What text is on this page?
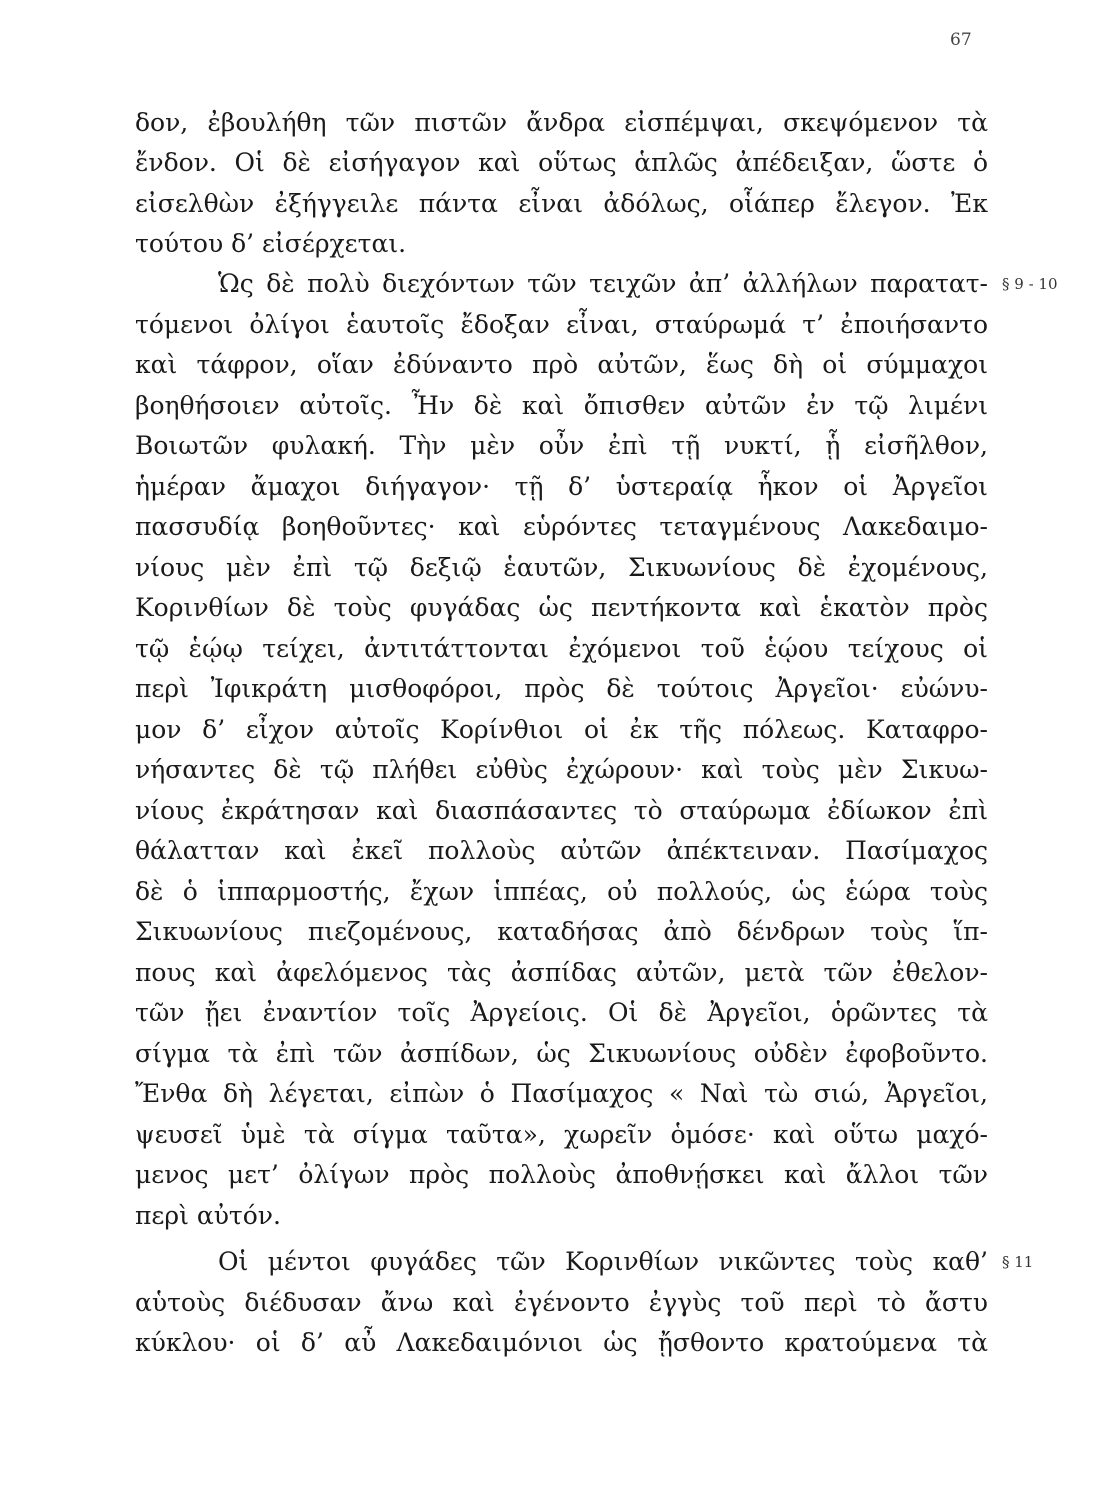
67
δον, ἐβουλήθη τῶν πιστῶν ἄνδρα εἰσπέμψαι, σκεψόμενον τὰ
ἔνδον. Οἱ δὲ εἰσήγαγον καὶ οὕτως ἁπλῶς ἀπέδειξαν, ὥστε ὁ
εἰσελθὼν ἐξήγγειλε πάντα εἶναι ἀδόλως, οἷάπερ ἔλεγον. Ἐκ
τούτου δ’ εἰσέρχεται.
Ὡς δὲ πολὺ διεχόντων τῶν τειχῶν ἀπ’ ἀλλήλων παρατατ-
τόμενοι ὀλίγοι ἑαυτοῖς ἔδοξαν εἶναι, σταύρωμά τ’ ἐποιήσαντο
καὶ τάφρον, οἵαν ἐδύναντο πρὸ αὐτῶν, ἕως δὴ οἱ σύμμαχοι
βοηθήσοιεν αὐτοῖς. Ἦν δὲ καὶ ὄπισθεν αὐτῶν ἐν τῷ λιμένι
Βοιωτῶν φυλακή. Τὴν μὲν οὖν ἐπὶ τῇ νυκτί, ᾗ εἰσῆλθον,
ἡμέραν ἄμαχοι διήγαγον· τῇ δ’ ὑστεραίᾳ ἧκον οἱ Ἀργεῖοι
πασσυδίᾳ βοηθοῦντες· καὶ εὑρόντες τεταγμένους Λακεδαιμο-
νίους μὲν ἐπὶ τῷ δεξιῷ ἑαυτῶν, Σικυωνίους δὲ ἐχομένους,
Κορινθίων δὲ τοὺς φυγάδας ὡς πεντήκοντα καὶ ἑκατὸν πρὸς
τῷ ἑῴῳ τείχει, ἀντιτάττονται ἐχόμενοι τοῦ ἑῴου τείχους οἱ
περὶ Ἰφικράτη μισθοφόροι, πρὸς δὲ τούτοις Ἀργεῖοι· εὐώνυ-
μον δ’ εἶχον αὐτοῖς Κορίνθιοι οἱ ἐκ τῆς πόλεως. Καταφρο-
νήσαντες δὲ τῷ πλήθει εὐθὺς ἐχώρουν· καὶ τοὺς μὲν Σικυω-
νίους ἐκράτησαν καὶ διασπάσαντες τὸ σταύρωμα ἐδίωκον ἐπὶ
θάλατταν καὶ ἐκεῖ πολλοὺς αὐτῶν ἀπέκτειναν. Πασίμαχος
δὲ ὁ ἱππαρμοστής, ἔχων ἱππέας, οὐ πολλούς, ὡς ἑώρα τοὺς
Σικυωνίους πιεζομένους, καταδήσας ἀπὸ δένδρων τοὺς ἵπ-
πους καὶ ἀφελόμενος τὰς ἀσπίδας αὐτῶν, μετὰ τῶν ἐθελον-
τῶν ᾔει ἐναντίον τοῖς Ἀργείοις. Οἱ δὲ Ἀργεῖοι, ὁρῶντες τὰ
σίγμα τὰ ἐπὶ τῶν ἀσπίδων, ὡς Σικυωνίους οὐδὲν ἐφοβοῦντο.
Ἔνθα δὴ λέγεται, εἰπὼν ὁ Πασίμαχος « Ναὶ τὼ σιώ, Ἀργεῖοι,
ψευσεῖ ὑμὲ τὰ σίγμα ταῦτα», χωρεῖν ὁμόσε· καὶ οὕτω μαχό-
μενος μετ’ ὀλίγων πρὸς πολλοὺς ἀποθνῄσκει καὶ ἄλλοι τῶν
περὶ αὐτόν.
Οἱ μέντοι φυγάδες τῶν Κορινθίων νικῶντες τοὺς καθ’
αὑτοὺς διέδυσαν ἄνω καὶ ἐγένοντο ἐγγὺς τοῦ περὶ τὸ ἄστυ
κύκλου· οἱ δ’ αὖ Λακεδαιμόνιοι ὡς ᾔσθοντο κρατούμενα τὰ
§ 9 - 10
§ 11
